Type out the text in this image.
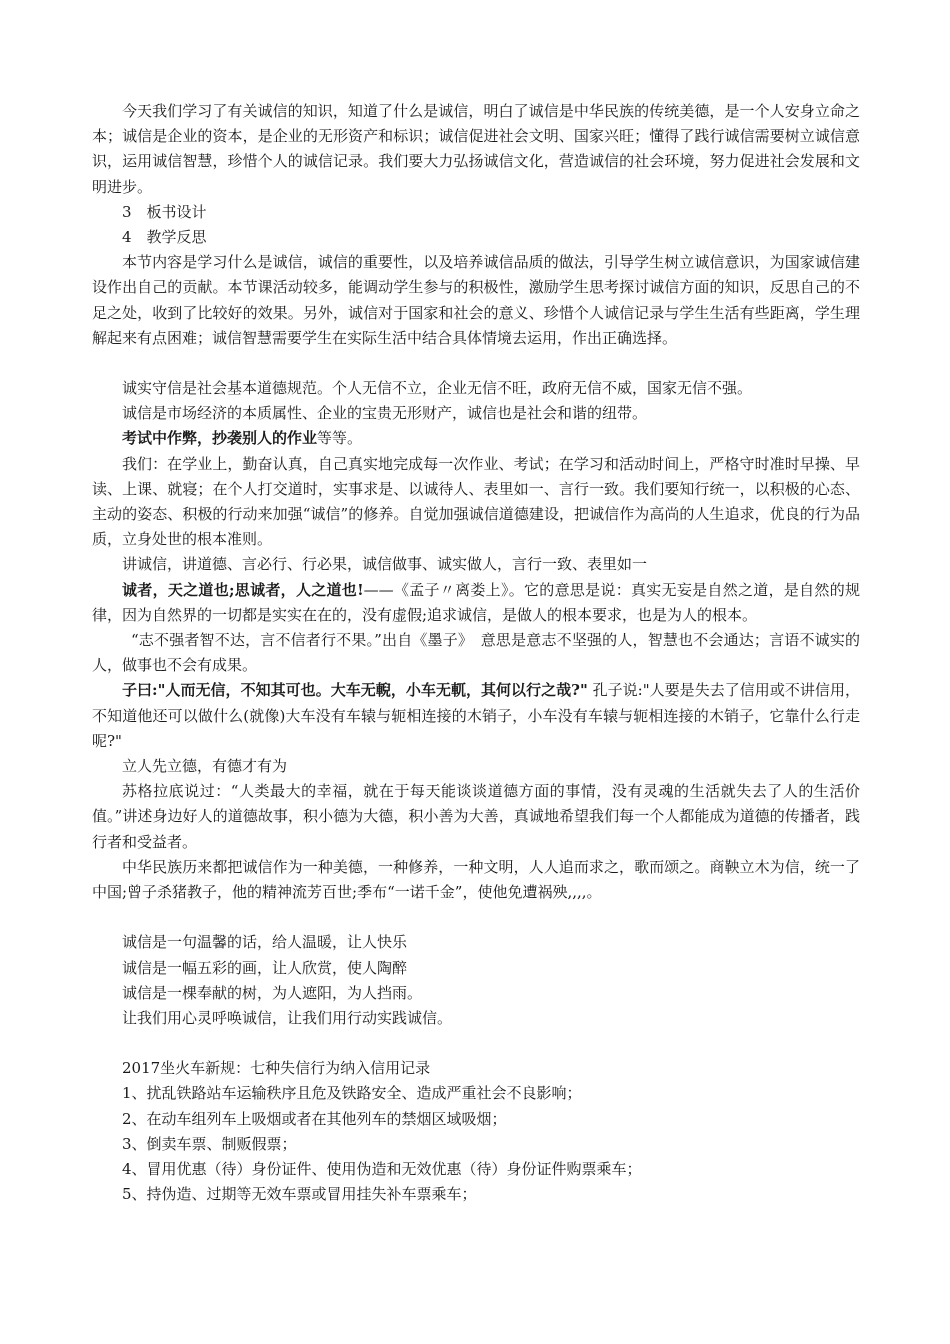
今天我们学习了有关诚信的知识，知道了什么是诚信，明白了诚信是中华民族的传统美德，是一个人安身立命之本；诚信是企业的资本，是企业的无形资产和标识；诚信促进社会文明、国家兴旺；懂得了践行诚信需要树立诚信意识，运用诚信智慧，珍惜个人的诚信记录。我们要大力弘扬诚信文化，营造诚信的社会环境，努力促进社会发展和文明进步。

3　板书设计

4　教学反思

本节内容是学习什么是诚信，诚信的重要性，以及培养诚信品质的做法，引导学生树立诚信意识，为国家诚信建设作出自己的贡献。本节课活动较多，能调动学生参与的积极性，激励学生思考探讨诚信方面的知识，反思自己的不足之处，收到了比较好的效果。另外，诚信对于国家和社会的意义、珍惜个人诚信记录与学生生活有些距离，学生理解起来有点困难；诚信智慧需要学生在实际生活中结合具体情境去运用，作出正确选择。

诚实守信是社会基本道德规范。个人无信不立，企业无信不旺，政府无信不威，国家无信不强。

诚信是市场经济的本质属性、企业的宝贵无形财产，诚信也是社会和谐的纽带。

考试中作弊，抄袭别人的作业等等。

我们：在学业上，勤奋认真，自己真实地完成每一次作业、考试；在学习和活动时间上，严格守时准时早操、早读、上课、就寝；在个人打交道时，实事求是、以诚待人、表里如一、言行一致。我们要知行统一，以积极的心态、主动的姿态、积极的行动来加强“诚信”的修养。自觉加强诚信道德建设，把诚信作为高尚的人生追求，优良的行为品质，立身处世的根本准则。

讲诚信，讲道德、言必行、行必果，诚信做事、诚实做人，言行一致、表里如一

诚者，天之道也;思诚者，人之道也!——《孟子〃离娄上》。它的意思是说：真实无妄是自然之道，是自然的规律，因为自然界的一切都是实实在在的，没有虚假;追求诚信，是做人的根本要求，也是为人的根本。

“志不强者智不达，言不信者行不果。”出自《墨子》　意思是意志不坚强的人，智慧也不会通达；言语不诚实的人，做事也不会有成果。

子曰:"人而无信，不知其可也。大车无輗，小车无軏，其何以行之哉?" 孔子说:"人要是失去了信用或不讲信用，不知道他还可以做什么(就像)大车没有车辕与轭相连接的木销子，小车没有车辕与轭相连接的木销子，它靠什么行走呢?"

立人先立德，有德才有为

苏格拉底说过：“人类最大的幸福，就在于每天能谈谈道德方面的事情，没有灵魂的生活就失去了人的生活价值。”讲述身边好人的道德故事，积小德为大德，积小善为大善，真诚地希望我们每一个人都能成为道德的传播者，践行者和受益者。

中华民族历来都把诚信作为一种美德，一种修养，一种文明，人人追而求之，歌而颂之。商鞅立木为信，统一了中国;曾子杀猪教子，他的精神流芳百世;季布“一诺千金”，使他免遭祸殃,,,,。

诚信是一句温馨的话，给人温暖，让人快乐

诚信是一幅五彩的画，让人欣赏，使人陶醉

诚信是一棵奉献的树，为人遮阳，为人挡雨。

让我们用心灵呼唤诚信，让我们用行动实践诚信。

2017坐火车新规：七种失信行为纳入信用记录

1、扰乱铁路站车运输秩序且危及铁路安全、造成严重社会不良影响；

2、在动车组列车上吸烟或者在其他列车的禁烟区域吸烟；

3、倒卖车票、制贩假票；

4、冒用优惠（待）身份证件、使用伪造和无效优惠（待）身份证件购票乘车；

5、持伪造、过期等无效车票或冒用挂失补车票乘车；
